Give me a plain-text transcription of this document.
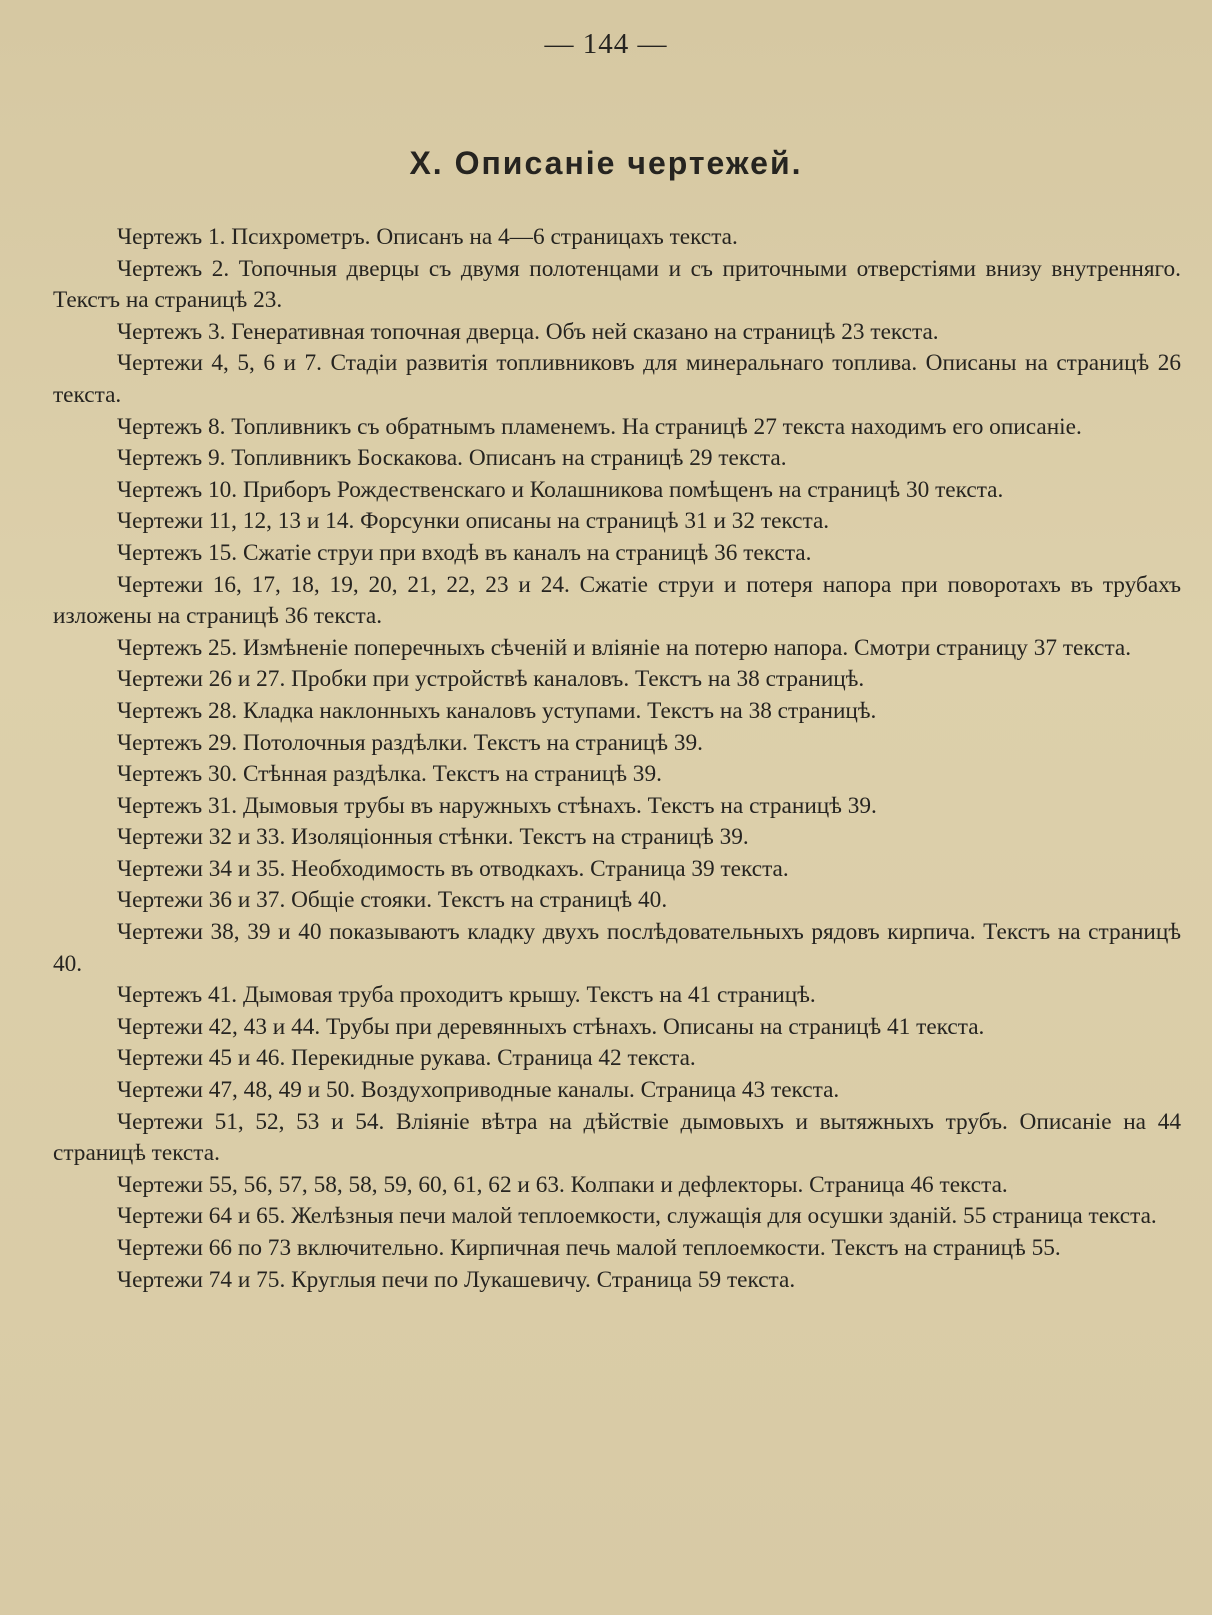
— 144 —
X. Описаніе чертежей.
Чертежъ 1. Психрометръ. Описанъ на 4—6 страницахъ текста.
Чертежъ 2. Топочныя дверцы съ двумя полотенцами и съ приточными отверстіями внизу внутренняго. Текстъ на страницѣ 23.
Чертежъ 3. Генеративная топочная дверца. Объ ней сказано на страницѣ 23 текста.
Чертежи 4, 5, 6 и 7. Стадіи развитія топливниковъ для минеральнаго топлива. Описаны на страницѣ 26 текста.
Чертежъ 8. Топливникъ съ обратнымъ пламенемъ. На страницѣ 27 текста находимъ его описаніе.
Чертежъ 9. Топливникъ Боскакова. Описанъ на страницѣ 29 текста.
Чертежъ 10. Приборъ Рождественскаго и Колашникова помѣщенъ на страницѣ 30 текста.
Чертежи 11, 12, 13 и 14. Форсунки описаны на страницѣ 31 и 32 текста.
Чертежъ 15. Сжатіе струи при входѣ въ каналъ на страницѣ 36 текста.
Чертежи 16, 17, 18, 19, 20, 21, 22, 23 и 24. Сжатіе струи и потеря напора при поворотахъ въ трубахъ изложены на страницѣ 36 текста.
Чертежъ 25. Измѣненіе поперечныхъ сѣченій и вліяніе на потерю напора. Смотри страницу 37 текста.
Чертежи 26 и 27. Пробки при устройствѣ каналовъ. Текстъ на 38 страницѣ.
Чертежъ 28. Кладка наклонныхъ каналовъ уступами. Текстъ на 38 страницѣ.
Чертежъ 29. Потолочныя раздѣлки. Текстъ на страницѣ 39.
Чертежъ 30. Стѣнная раздѣлка. Текстъ на страницѣ 39.
Чертежъ 31. Дымовыя трубы въ наружныхъ стѣнахъ. Текстъ на страницѣ 39.
Чертежи 32 и 33. Изоляціонныя стѣнки. Текстъ на страницѣ 39.
Чертежи 34 и 35. Необходимость въ отводкахъ. Страница 39 текста.
Чертежи 36 и 37. Общіе стояки. Текстъ на страницѣ 40.
Чертежи 38, 39 и 40 показываютъ кладку двухъ послѣдовательныхъ рядовъ кирпича. Текстъ на страницѣ 40.
Чертежъ 41. Дымовая труба проходитъ крышу. Текстъ на 41 страницѣ.
Чертежи 42, 43 и 44. Трубы при деревянныхъ стѣнахъ. Описаны на страницѣ 41 текста.
Чертежи 45 и 46. Перекидные рукава. Страница 42 текста.
Чертежи 47, 48, 49 и 50. Воздухоприводные каналы. Страница 43 текста.
Чертежи 51, 52, 53 и 54. Вліяніе вѣтра на дѣйствіе дымовыхъ и вытяжныхъ трубъ. Описаніе на 44 страницѣ текста.
Чертежи 55, 56, 57, 58, 58, 59, 60, 61, 62 и 63. Колпаки и дефлекторы. Страница 46 текста.
Чертежи 64 и 65. Желѣзныя печи малой теплоемкости, служащія для осушки зданій. 55 страница текста.
Чертежи 66 по 73 включительно. Кирпичная печь малой теплоемкости. Текстъ на страницѣ 55.
Чертежи 74 и 75. Круглыя печи по Лукашевичу. Страница 59 текста.
